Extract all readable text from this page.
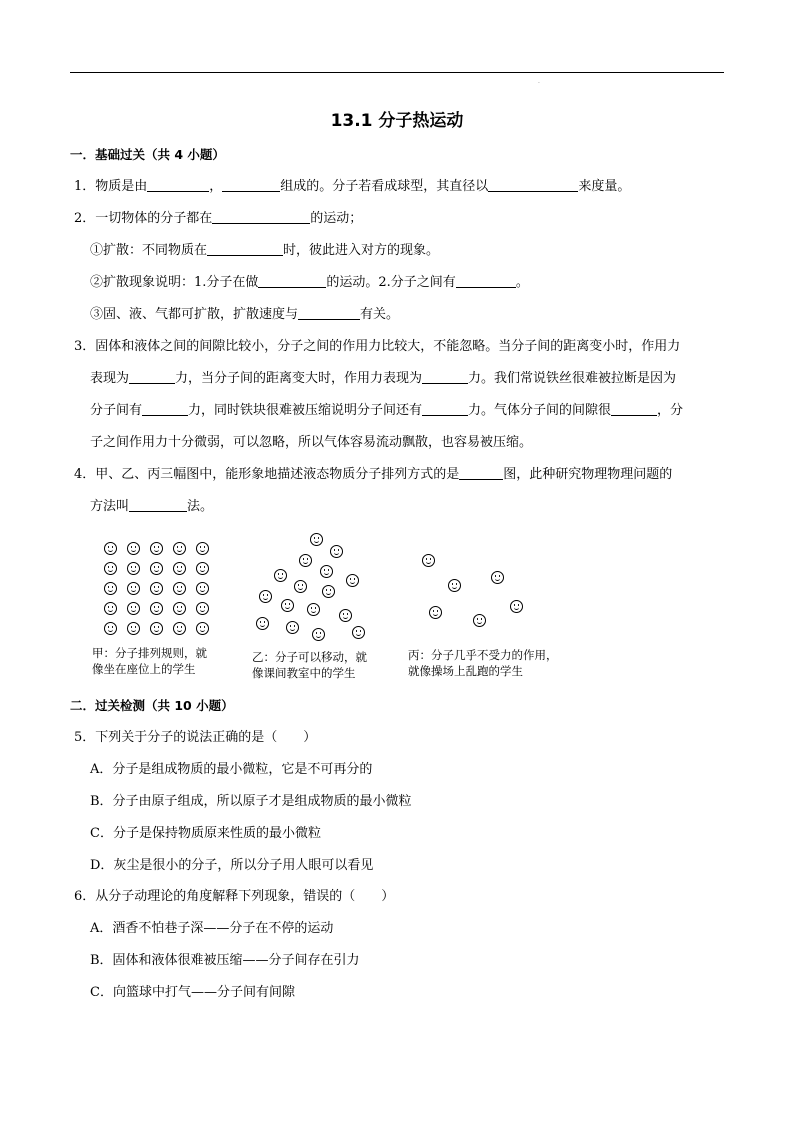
·
13.1 分子热运动
一．基础过关（共 4 小题）
1．物质是由	，	组成的。分子若看成球型，其直径以	来度量。
2．一切物体的分子都在	的运动；
①扩散：不同物质在	时，彼此进入对方的现象。
②扩散现象说明：1.分子在做	的运动。2.分子之间有	。
③固、液、气都可扩散，扩散速度与	有关。
3．固体和液体之间的间隙比较小，分子之间的作用力比较大，不能忽略。当分子间的距离变小时，作用力
表现为	力，当分子间的距离变大时，作用力表现为	力。我们常说铁丝很难被拉断是因为
分子间有	力，同时铁块很难被压缩说明分子间还有	力。气体分子间的间隙很	，分
子之间作用力十分微弱，可以忽略，所以气体容易流动飘散，也容易被压缩。
4．甲、乙、丙三幅图中，能形象地描述液态物质分子排列方式的是	图，此种研究物理物理问题的
方法叫	法。
甲：分子排列规则，就
像坐在座位上的学生
乙：分子可以移动，就
像课间教室中的学生
丙：分子几乎不受力的作用，
就像操场上乱跑的学生
二．过关检测（共 10 小题）
5．下列关于分子的说法正确的是（　　）
A．分子是组成物质的最小微粒，它是不可再分的
B．分子由原子组成，所以原子才是组成物质的最小微粒
C．分子是保持物质原来性质的最小微粒
D．灰尘是很小的分子，所以分子用人眼可以看见
6．从分子动理论的角度解释下列现象，错误的（　　）
A．酒香不怕巷子深——分子在不停的运动
B．固体和液体很难被压缩——分子间存在引力
C．向篮球中打气——分子间有间隙
